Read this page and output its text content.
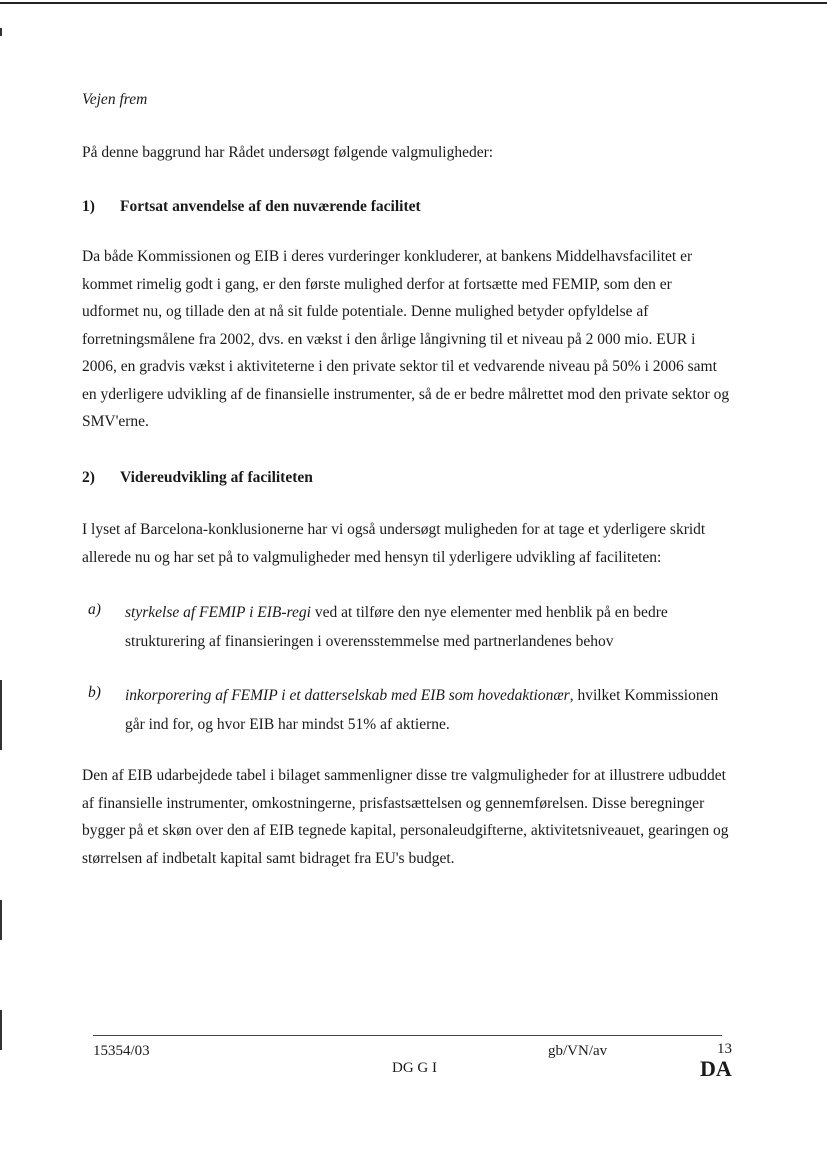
Vejen frem
På denne baggrund har Rådet undersøgt følgende valgmuligheder:
1) Fortsat anvendelse af den nuværende facilitet
Da både Kommissionen og EIB i deres vurderinger konkluderer, at bankens Middelhavsfacilitet er kommet rimelig godt i gang, er den første mulighed derfor at fortsætte med FEMIP, som den er udformet nu, og tillade den at nå sit fulde potentiale. Denne mulighed betyder opfyldelse af forretningsmålene fra 2002, dvs. en vækst i den årlige långivning til et niveau på 2 000 mio. EUR i 2006, en gradvis vækst i aktiviteterne i den private sektor til et vedvarende niveau på 50% i 2006 samt en yderligere udvikling af de finansielle instrumenter, så de er bedre målrettet mod den private sektor og SMV'erne.
2) Videreudvikling af faciliteten
I lyset af Barcelona-konklusionerne har vi også undersøgt muligheden for at tage et yderligere skridt allerede nu og har set på to valgmuligheder med hensyn til yderligere udvikling af faciliteten:
a) styrkelse af FEMIP i EIB-regi ved at tilføre den nye elementer med henblik på en bedre strukturering af finansieringen i overensstemmelse med partnerlandenes behov
b) inkorporering af FEMIP i et datterselskab med EIB som hovedaktionær, hvilket Kommissionen går ind for, og hvor EIB har mindst 51% af aktierne.
Den af EIB udarbejdede tabel i bilaget sammenligner disse tre valgmuligheder for at illustrere udbuddet af finansielle instrumenter, omkostningerne, prisfastsættelsen og gennemførelsen. Disse beregninger bygger på et skøn over den af EIB tegnede kapital, personaleudgifterne, aktivitetsniveauet, gearingen og størrelsen af indbetalt kapital samt bidraget fra EU's budget.
15354/03	gb/VN/av	13
DG G I	DA
